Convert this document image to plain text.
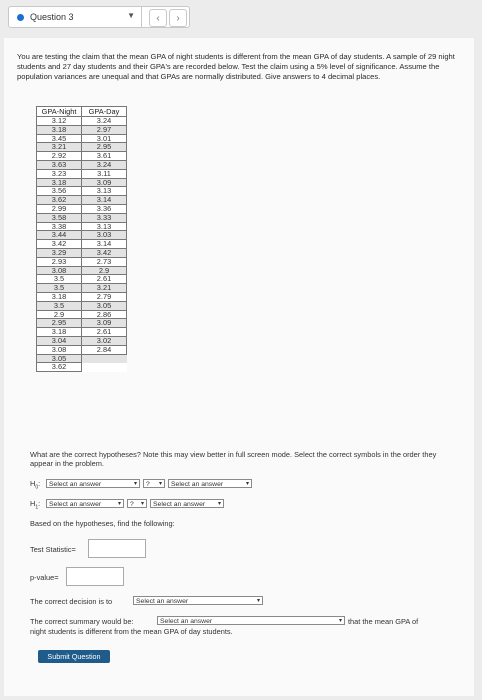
Question 3	▼ ‹ ›
You are testing the claim that the mean GPA of night students is different from the mean GPA of day students. A sample of 29 night students and 27 day students and their GPA's are recorded below. Test the claim using a 5% level of significance. Assume the population variances are unequal and that GPAs are normally distributed. Give answers to 4 decimal places.
GPA-Night	GPA-Day
3.12	3.24
3.18	2.97
3.45	3.01
3.21	2.95
2.92	3.61
3.63	3.24
3.23	3.11
3.18	3.09
3.56	3.13
3.62	3.14
2.99	3.36
3.58	3.33
3.38	3.13
3.44	3.03
3.42	3.14
3.29	3.42
2.93	2.73
3.08	2.9
3.5	2.61
3.5	3.21
3.18	2.79
3.5	3.05
2.9	2.86
2.95	3.09
3.18	2.61
3.04	3.02
3.08	2.84
3.05	
3.62	
What are the correct hypotheses? Note this may view better in full screen mode. Select the correct symbols in the order they appear in the problem.
$H_0$:	Select an answer	▾	? ▾	Select an answer	▾
$H_1$:	Select an answer	▾	? ▾	Select an answer ▾
Based on the hypotheses, find the following:
Test Statistic=
p-value=
The correct decision is to	Select an answer	▾
The correct summary would be:	Select an answer	▾ that the mean GPA of
night students is different from the mean GPA of day students.
Submit Question
